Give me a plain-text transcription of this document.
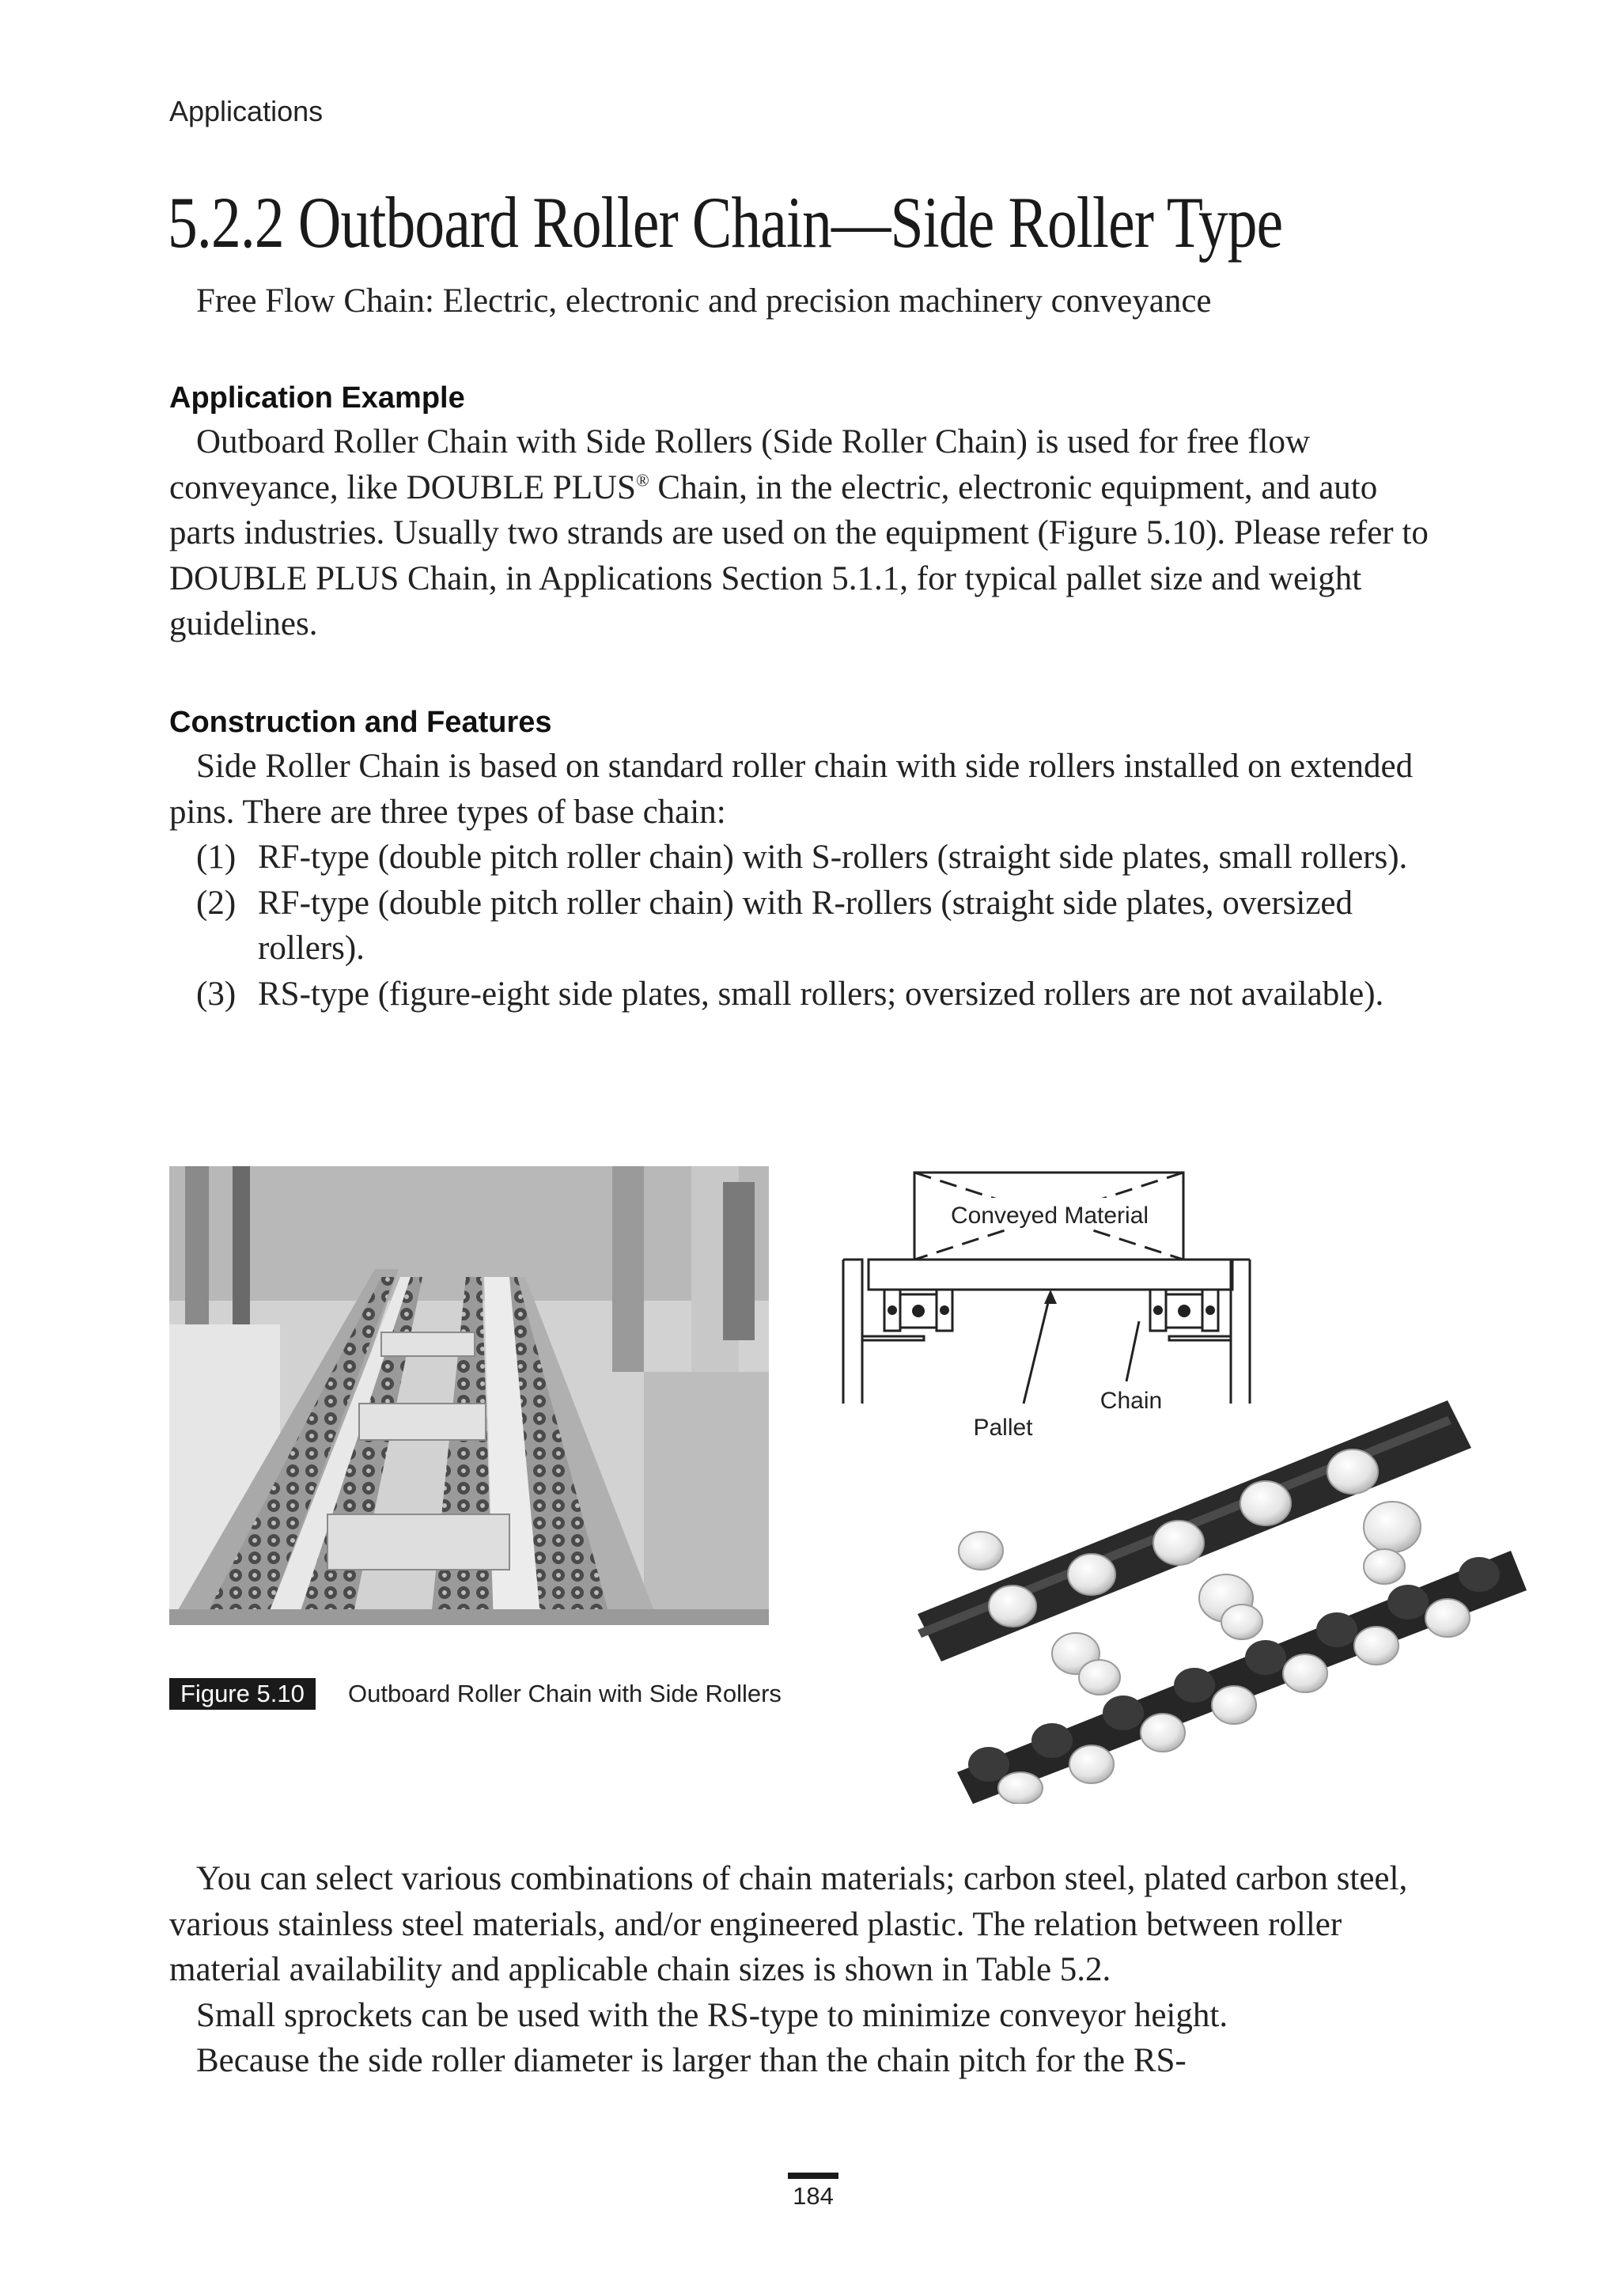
Applications
5.2.2 Outboard Roller Chain—Side Roller Type
Free Flow Chain: Electric, electronic and precision machinery conveyance
Application Example

Outboard Roller Chain with Side Rollers (Side Roller Chain) is used for free flow conveyance, like DOUBLE PLUS® Chain, in the electric, electronic equipment, and auto parts industries. Usually two strands are used on the equipment (Figure 5.10). Please refer to DOUBLE PLUS Chain, in Applications Section 5.1.1, for typical pallet size and weight guidelines.

Construction and Features

Side Roller Chain is based on standard roller chain with side rollers installed on extended pins. There are three types of base chain:

(1) RF-type (double pitch roller chain) with S-rollers (straight side plates, small rollers).
(2) RF-type (double pitch roller chain) with R-rollers (straight side plates, oversized rollers).
(3) RS-type (figure-eight side plates, small rollers; oversized rollers are not available).
Conveyed Material
Chain
Pallet
Figure 5.10	Outboard Roller Chain with Side Rollers

You can select various combinations of chain materials; carbon steel, plated carbon steel, various stainless steel materials, and/or engineered plastic. The relation between roller material availability and applicable chain sizes is shown in Table 5.2.

Small sprockets can be used with the RS-type to minimize conveyor height.

Because the side roller diameter is larger than the chain pitch for the RS-

184
